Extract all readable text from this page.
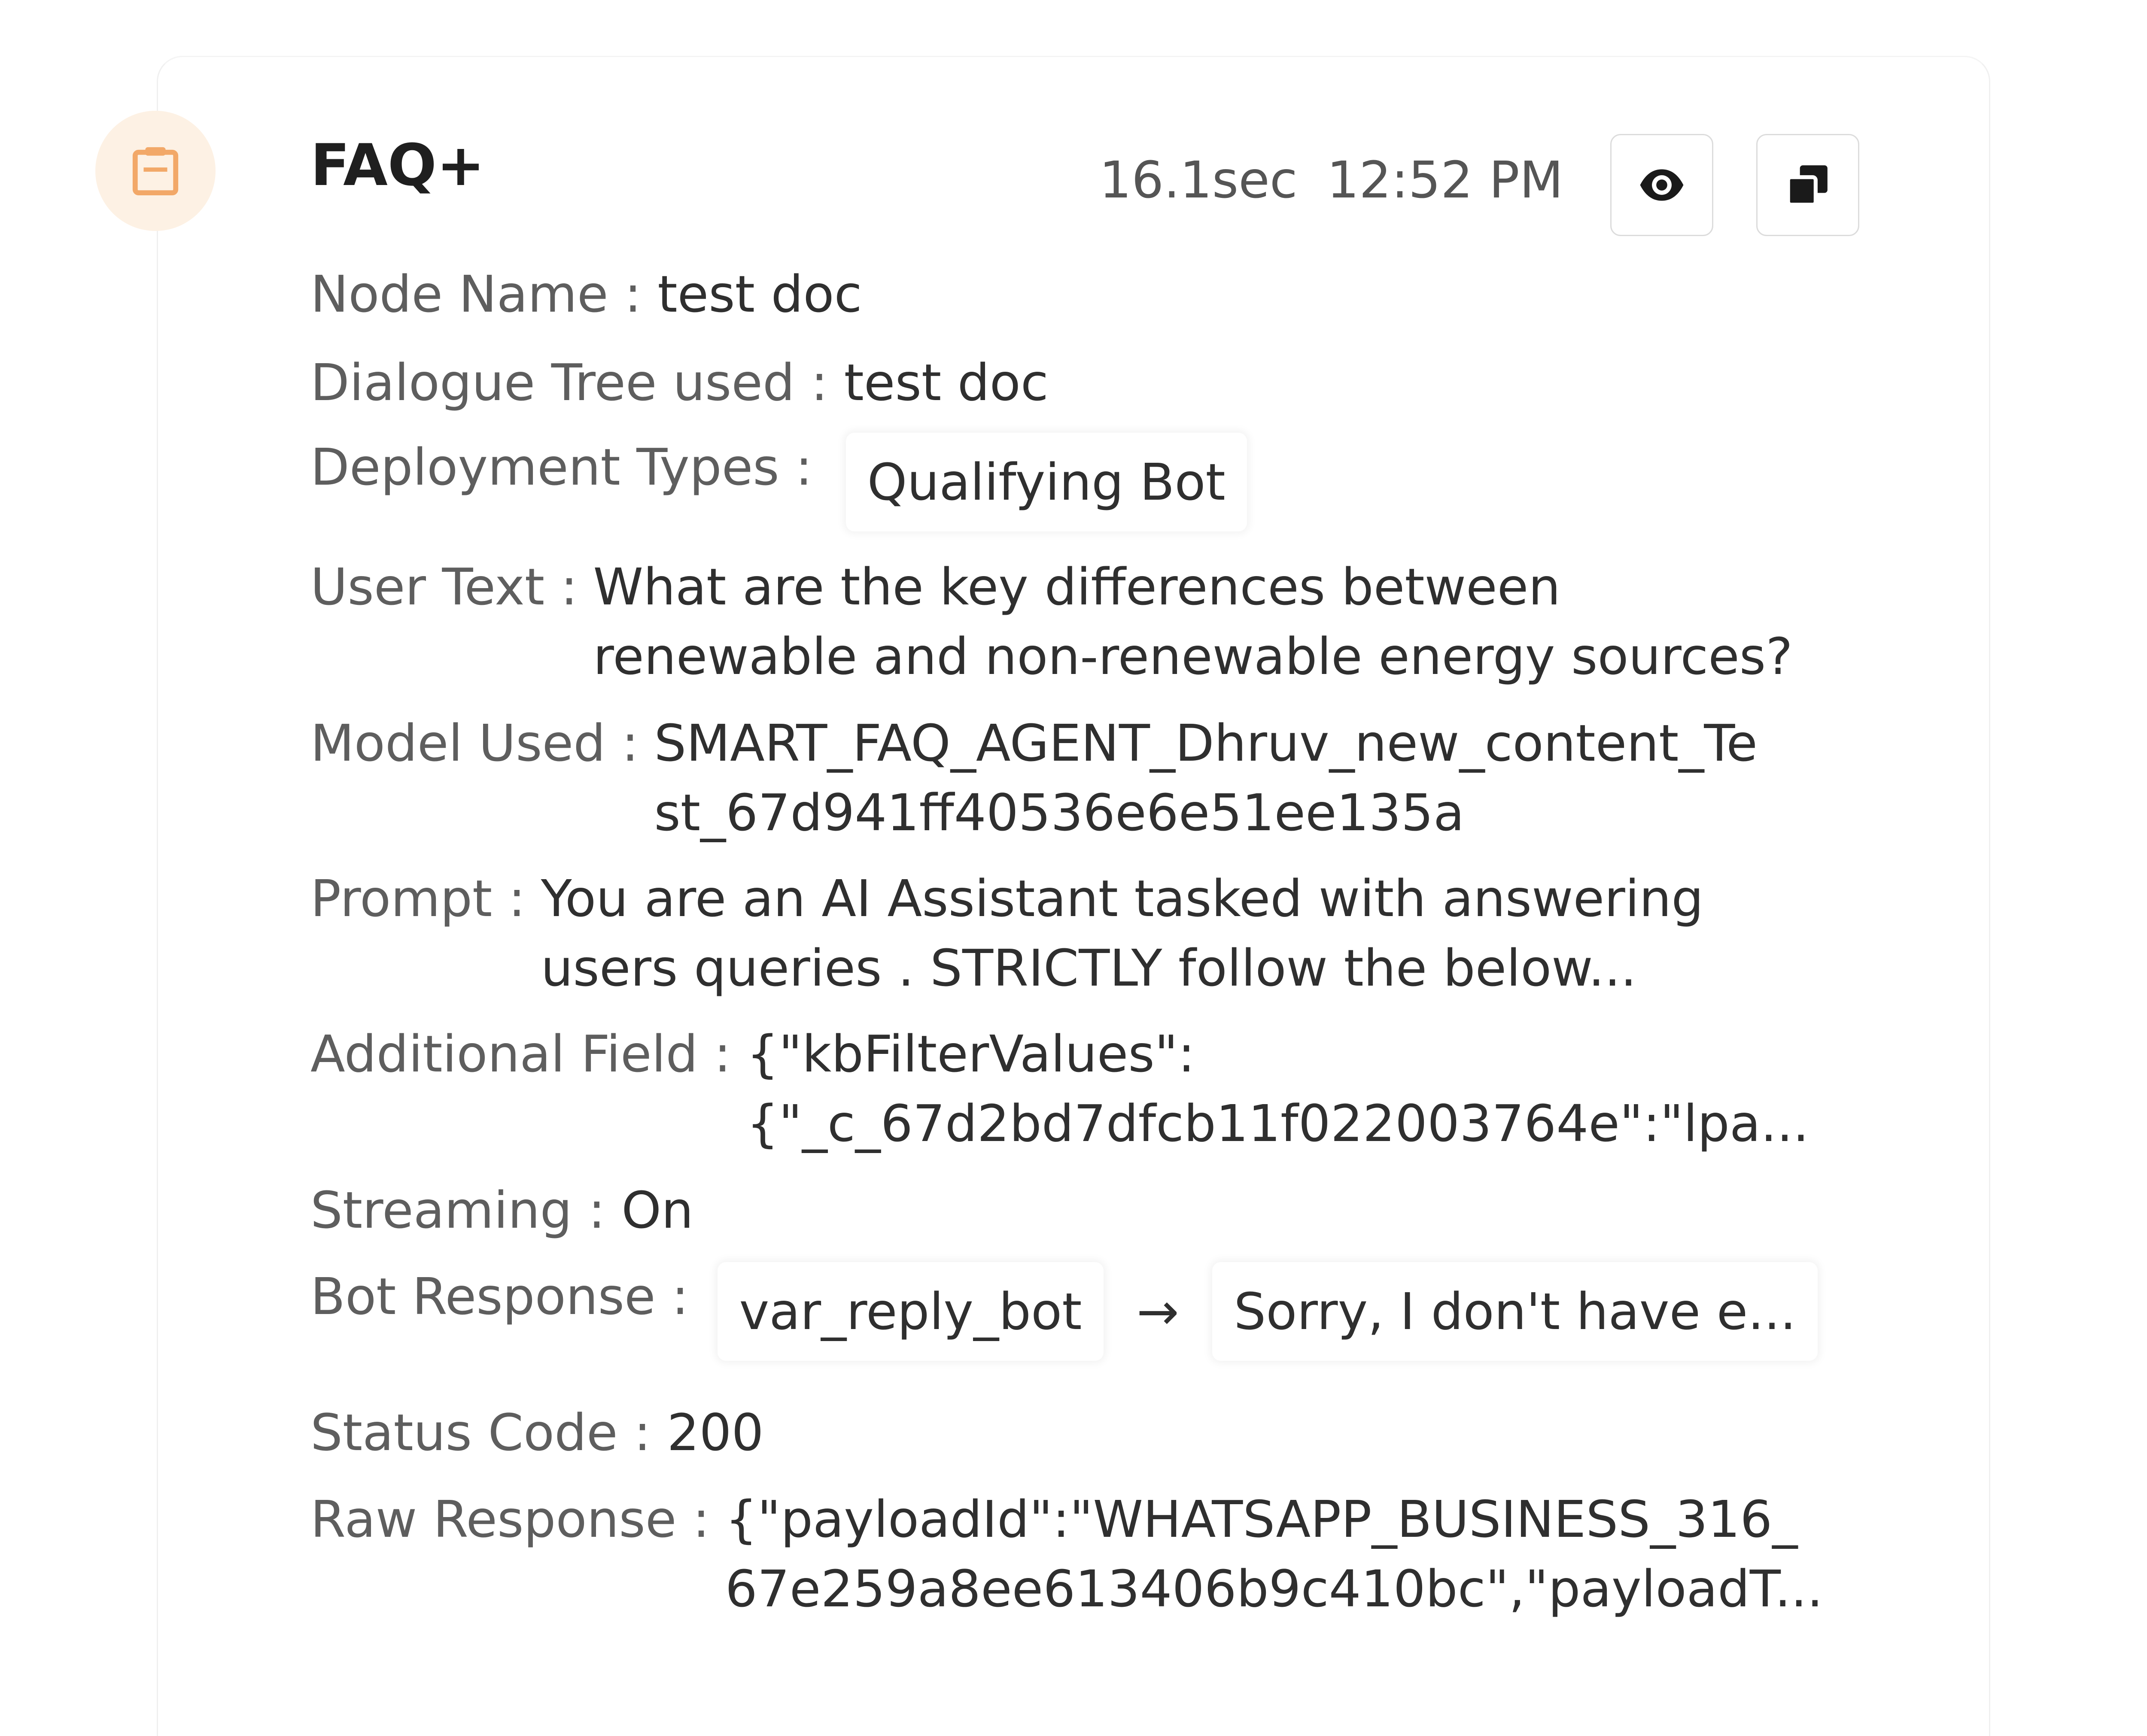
FAQ+	16.1sec 12:52 PM
Node Name : test doc
Dialogue Tree used : test doc
Deployment Types : Qualifying Bot
User Text : What are the key differences between
renewable and non-renewable energy sources?
Model Used : SMART_FAQ_AGENT_Dhruv_new_content_Te
st_67d941ff40536e6e51ee135a
Prompt : You are an AI Assistant tasked with answering
users queries . STRICTLY follow the below...
Additional Field : {"kbFilterValues":
{"_c_67d2bd7dfcb11f022003764e":"lpa...
Streaming : On
Bot Response : var_reply_bot → Sorry, I don't have e...
Status Code : 200
Raw Response : {"payloadId":"WHATSAPP_BUSINESS_316_
67e259a8ee613406b9c410bc","payloadT...
